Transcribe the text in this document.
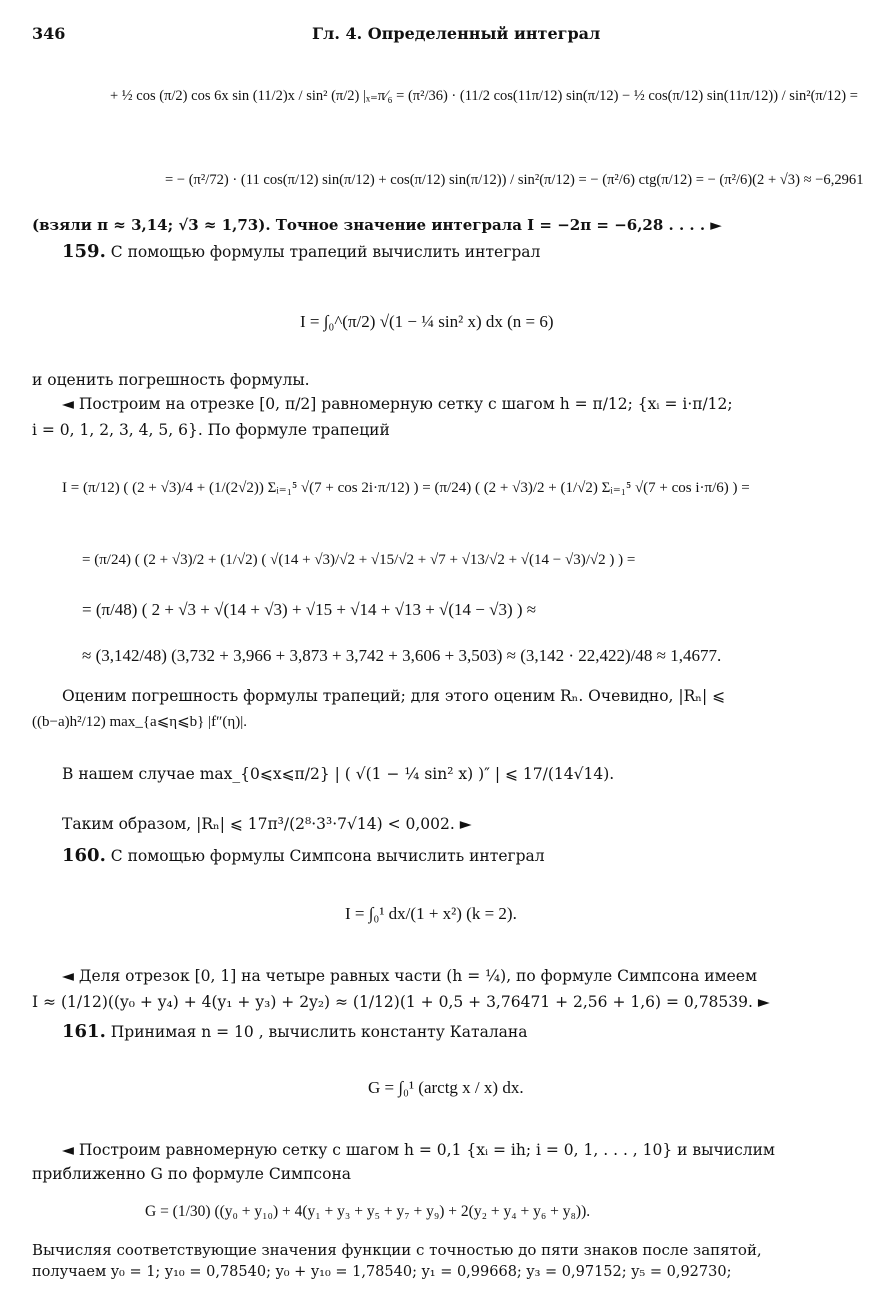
346	Гл. 4. Определенный интеграл
+ ½ cos (π/2) cos 6x sin (11/2)x / sin² (π/2) |ₓ₌π⁄₆ = (π²/36) · (11/2 cos(11π/12) sin(π/12) − ½ cos(π/12) sin(11π/12)) / sin²(π/12) =
= − (π²/72) · (11 cos(π/12) sin(π/12) + cos(π/12) sin(π/12)) / sin²(π/12) = − (π²/6) ctg(π/12) = − (π²/6)(2 + √3) ≈ −6,2961
(взяли π ≈ 3,14; √3 ≈ 1,73). Точное значение интеграла I = −2π = −6,28 . . . . ►
159. С помощью формулы трапеций вычислить интеграл
I = ∫₀^(π/2) √(1 − ¼ sin² x) dx (n = 6)
и оценить погрешность формулы.
◄ Построим на отрезке [0, π/2] равномерную сетку с шагом h = π/12; {xᵢ = i·π/12;
i = 0, 1, 2, 3, 4, 5, 6}. По формуле трапеций
I = (π/12) ( (2 + √3)/4 + (1/(2√2)) Σᵢ₌₁⁵ √(7 + cos 2i·π/12) ) = (π/24) ( (2 + √3)/2 + (1/√2) Σᵢ₌₁⁵ √(7 + cos i·π/6) ) =
= (π/24) ( (2 + √3)/2 + (1/√2) ( √(14 + √3)/√2 + √15/√2 + √7 + √13/√2 + √(14 − √3)/√2 ) ) =
= (π/48) ( 2 + √3 + √(14 + √3) + √15 + √14 + √13 + √(14 − √3) ) ≈
≈ (3,142/48) (3,732 + 3,966 + 3,873 + 3,742 + 3,606 + 3,503) ≈ (3,142 · 22,422)/48 ≈ 1,4677.
Оценим погрешность формулы трапеций; для этого оценим Rₙ. Очевидно, |Rₙ| ⩽
((b−a)h²/12) max_{a⩽η⩽b} |f″(η)|.
В нашем случае max_{0⩽x⩽π/2} | ( √(1 − ¼ sin² x) )″ | ⩽ 17/(14√14).
Таким образом, |Rₙ| ⩽ 17π³/(2⁸·3³·7√14) < 0,002. ►
160. С помощью формулы Симпсона вычислить интеграл
I = ∫₀¹ dx/(1 + x²) (k = 2).
◄ Деля отрезок [0, 1] на четыре равных части (h = ¼), по формуле Симпсона имеем
I ≈ (1/12)((y₀ + y₄) + 4(y₁ + y₃) + 2y₂) ≈ (1/12)(1 + 0,5 + 3,76471 + 2,56 + 1,6) = 0,78539. ►
161. Принимая n = 10 , вычислить константу Каталана
G = ∫₀¹ (arctg x / x) dx.
◄ Построим равномерную сетку с шагом h = 0,1 {xᵢ = ih; i = 0, 1, . . . , 10} и вычислим
приближенно G по формуле Симпсона
G = (1/30) ((y₀ + y₁₀) + 4(y₁ + y₃ + y₅ + y₇ + y₉) + 2(y₂ + y₄ + y₆ + y₈)).
Вычисляя соответствующие значения функции с точностью до пяти знаков после запятой,
получаем y₀ = 1; y₁₀ = 0,78540; y₀ + y₁₀ = 1,78540; y₁ = 0,99668; y₃ = 0,97152; y₅ = 0,92730;
